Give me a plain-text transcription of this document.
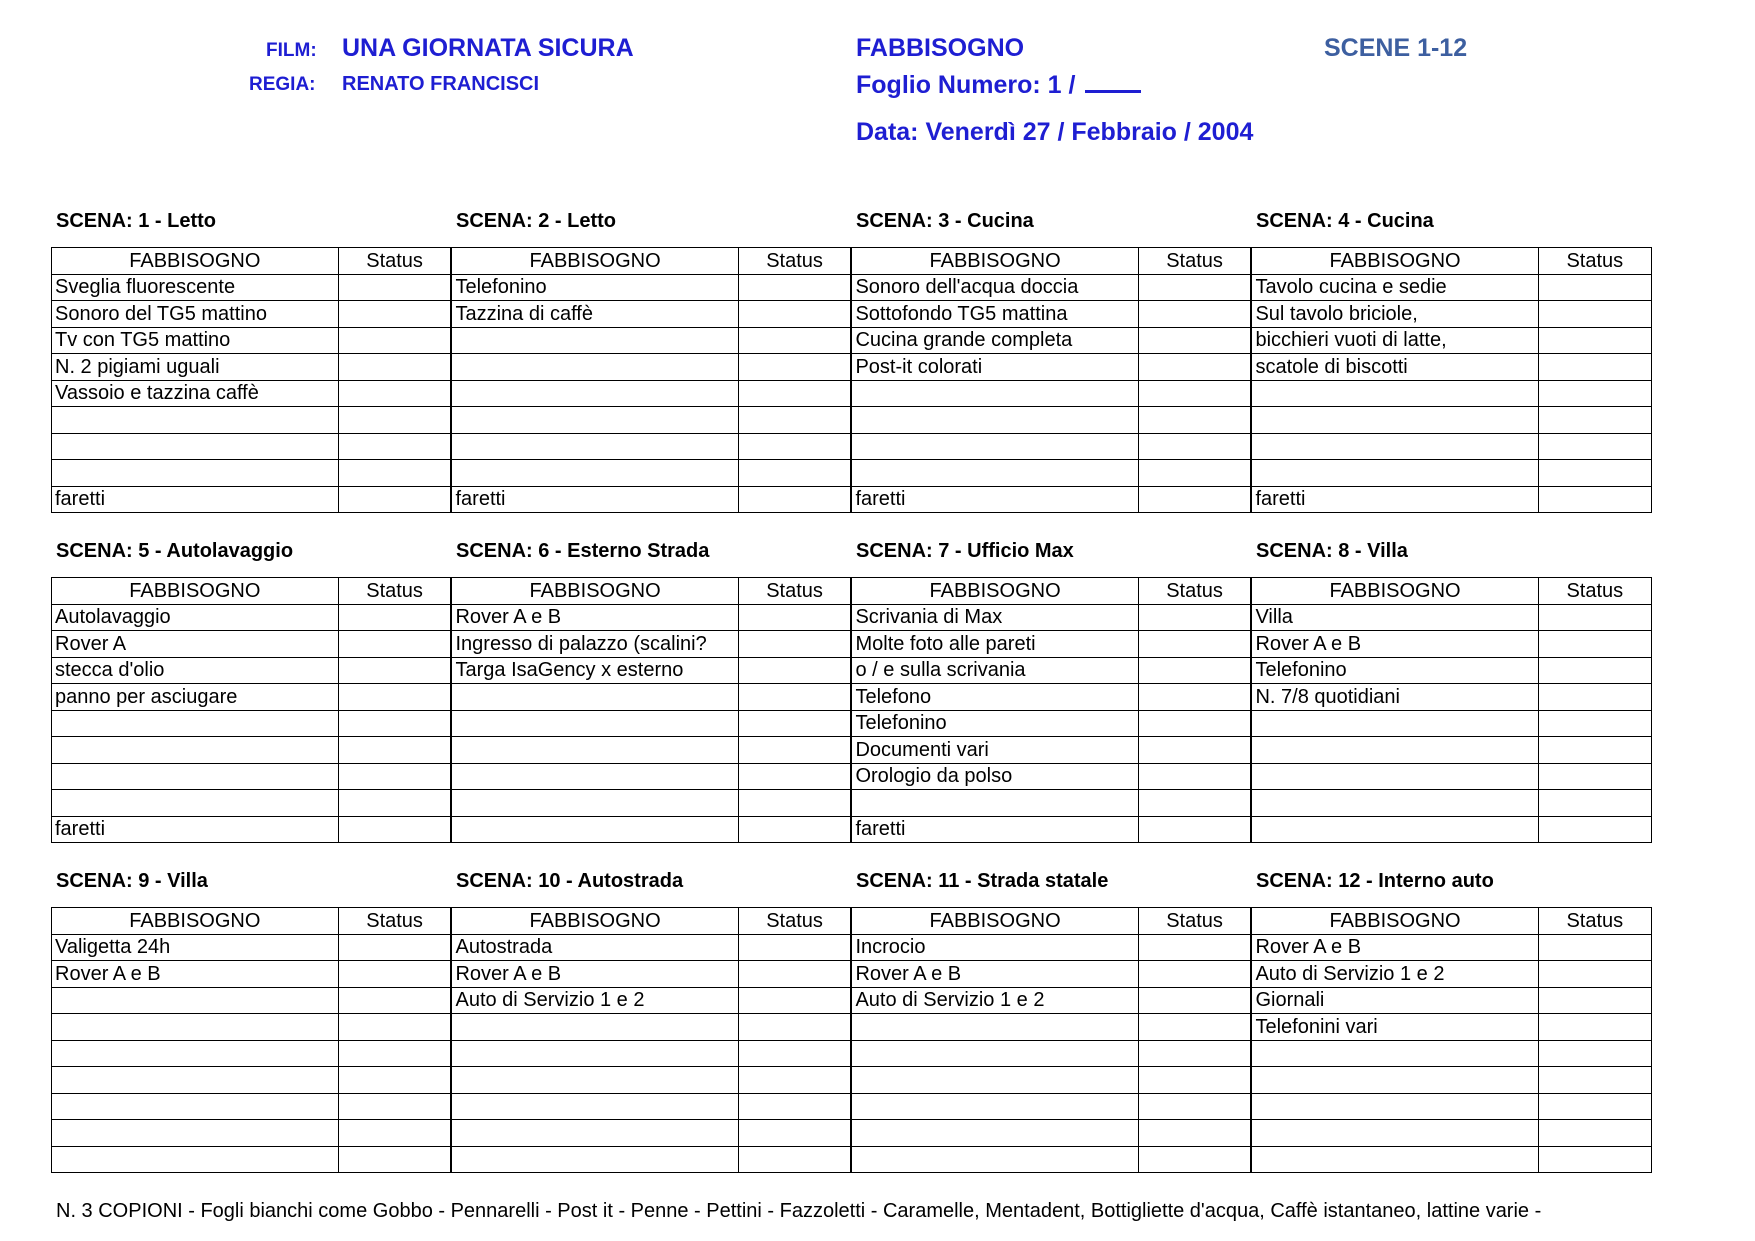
FILM: UNA GIORNATA SICURA
REGIA: RENATO FRANCISCI
FABBISOGNO
Foglio Numero: 1 /
Data: Venerdì 27 / Febbraio / 2004
SCENE 1-12
SCENA: 1 - Letto	SCENA: 2 - Letto	SCENA: 3 - Cucina	SCENA: 4 - Cucina
FABBISOGNO	Status	FABBISOGNO	Status	FABBISOGNO	Status	FABBISOGNO	Status
Sveglia fluorescente		Telefonino		Sonoro dell'acqua doccia		Tavolo cucina e sedie	
Sonoro del TG5 mattino		Tazzina di caffè		Sottofondo TG5 mattina		Sul tavolo briciole,	
Tv con TG5 mattino				Cucina grande completa		bicchieri vuoti di latte,	
N. 2 pigiami uguali				Post-it colorati		scatole di biscotti	
Vassoio e tazzina caffè							

faretti		faretti		faretti		faretti	
SCENA: 5 - Autolavaggio	SCENA: 6 - Esterno Strada	SCENA: 7 - Ufficio Max	SCENA: 8 - Villa
FABBISOGNO	Status	FABBISOGNO	Status	FABBISOGNO	Status	FABBISOGNO	Status
Autolavaggio		Rover A e B		Scrivania di Max		Villa	
Rover A		Ingresso di palazzo (scalini?		Molte foto alle pareti		Rover A e B	
stecca d'olio		Targa IsaGency x esterno		o / e sulla scrivania		Telefonino	
panno per asciugare				Telefono		N. 7/8 quotidiani	
				Telefonino			
				Documenti vari			
				Orologio da polso			

faretti				faretti			
SCENA: 9 - Villa	SCENA: 10 - Autostrada	SCENA: 11 - Strada statale	SCENA: 12 - Interno auto
FABBISOGNO	Status	FABBISOGNO	Status	FABBISOGNO	Status	FABBISOGNO	Status
Valigetta 24h		Autostrada		Incrocio		Rover A e B	
Rover A e B		Rover A e B		Rover A e B		Auto di Servizio 1 e 2	
		Auto di Servizio 1 e 2		Auto di Servizio 1 e 2		Giornali	
						Telefonini vari	

N. 3 COPIONI - Fogli bianchi come Gobbo - Pennarelli - Post it - Penne - Pettini - Fazzoletti - Caramelle, Mentadent, Bottigliette d'acqua, Caffè istantaneo, lattine varie -
